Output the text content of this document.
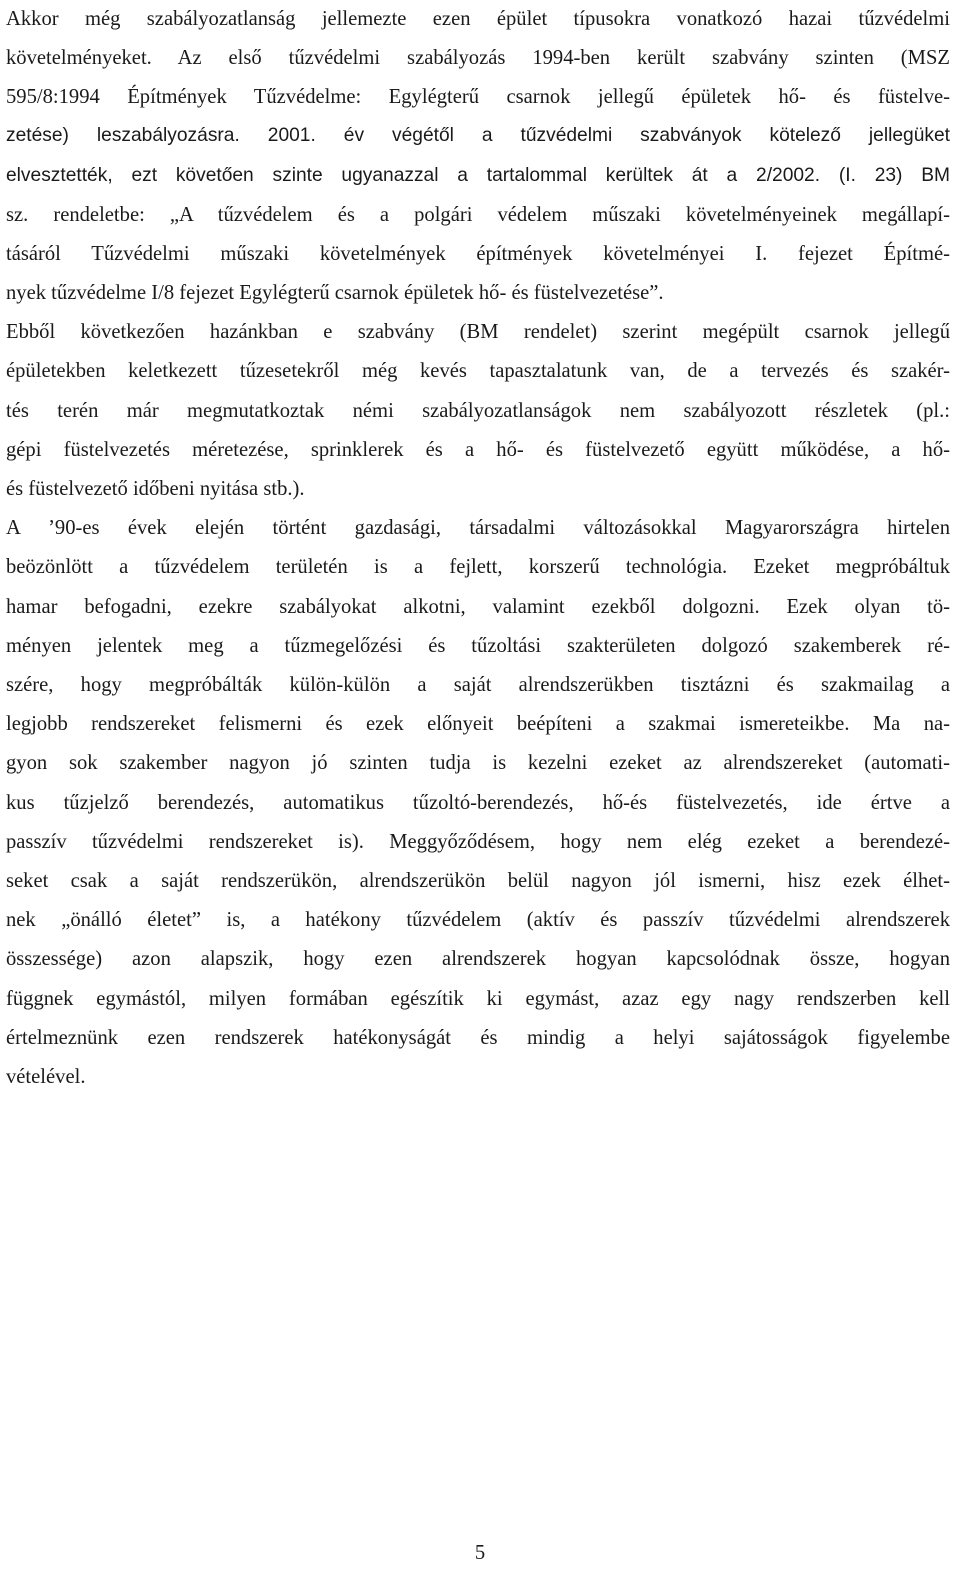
Akkor még szabályozatlanság jellemezte ezen épület típusokra vonatkozó hazai tűzvédelmi
követelményeket. Az első tűzvédelmi szabályozás 1994-ben került szabvány szinten (MSZ
595/8:1994 Építmények Tűzvédelme: Egylégterű csarnok jellegű épületek hő- és füstelve-
zetése) leszabályozásra. 2001. év végétől a tűzvédelmi szabványok kötelező jellegüket
elvesztették, ezt követően szinte ugyanazzal a tartalommal kerültek át a 2/2002. (I. 23) BM
sz. rendeletbe: „A tűzvédelem és a polgári védelem műszaki követelményeinek megállapí-
tásáról Tűzvédelmi műszaki követelmények építmények követelményei I. fejezet Építmé-
nyek tűzvédelme I/8 fejezet Egylégterű csarnok épületek hő- és füstelvezetése”.
Ebből következően hazánkban e szabvány (BM rendelet) szerint megépült csarnok jellegű
épületekben keletkezett tűzesetekről még kevés tapasztalatunk van, de a tervezés és szakér-
tés terén már megmutatkoztak némi szabályozatlanságok nem szabályozott részletek (pl.:
gépi füstelvezetés méretezése, sprinklerek és a hő- és füstelvezető együtt működése, a hő-
és füstelvezető időbeni nyitása stb.).
A ’90-es évek elején történt gazdasági, társadalmi változásokkal Magyarországra hirtelen
beözönlött a tűzvédelem területén is a fejlett, korszerű technológia. Ezeket megpróbáltuk
hamar befogadni, ezekre szabályokat alkotni, valamint ezekből dolgozni. Ezek olyan tö-
ményen jelentek meg a tűzmegelőzési és tűzoltási szakterületen dolgozó szakemberek ré-
szére, hogy megpróbálták külön-külön a saját alrendszerükben tisztázni és szakmailag a
legjobb rendszereket felismerni és ezek előnyeit beépíteni a szakmai ismereteikbe. Ma na-
gyon sok szakember nagyon jó szinten tudja is kezelni ezeket az alrendszereket (automati-
kus tűzjelző berendezés, automatikus tűzoltó-berendezés, hő-és füstelvezetés, ide értve a
passzív tűzvédelmi rendszereket is). Meggyőződésem, hogy nem elég ezeket a berendezé-
seket csak a saját rendszerükön, alrendszerükön belül nagyon jól ismerni, hisz ezek élhet-
nek „önálló életet” is, a hatékony tűzvédelem (aktív és passzív tűzvédelmi alrendszerek
összessége) azon alapszik, hogy ezen alrendszerek hogyan kapcsolódnak össze, hogyan
függnek egymástól, milyen formában egészítik ki egymást, azaz egy nagy rendszerben kell
értelmeznünk ezen rendszerek hatékonyságát és mindig a helyi sajátosságok figyelembe
vételével.
5
